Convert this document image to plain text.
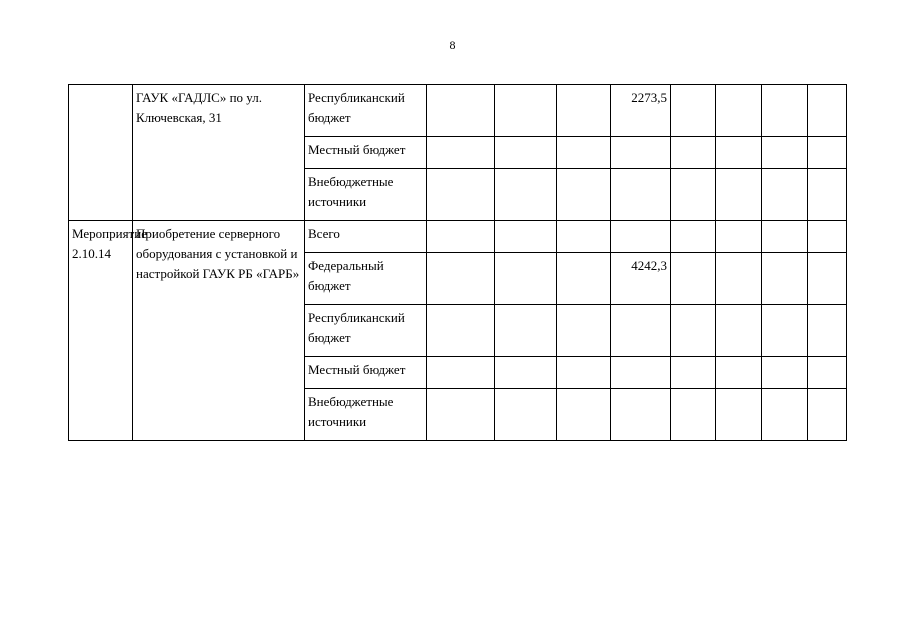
8
	ГАУК «ГАДЛС» по ул. Ключевская, 31	Республиканский бюджет				2273,5				
		Местный бюджет								
		Внебюджетные источники								
Мероприятие 2.10.14	Приобретение серверного оборудования с установкой и настройкой ГАУК РБ «ГАРБ»	Всего								
		Федеральный бюджет				4242,3				
		Республиканский бюджет								
		Местный бюджет								
		Внебюджетные источники								
